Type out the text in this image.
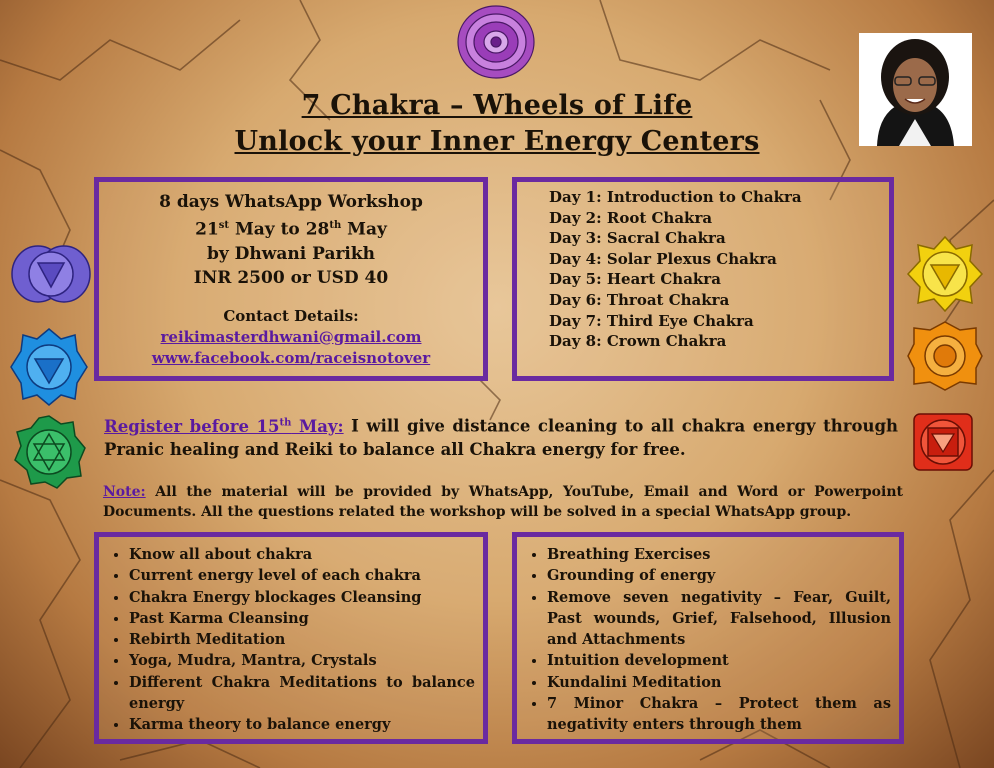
7 Chakra – Wheels of Life
Unlock your Inner Energy Centers
8 days WhatsApp Workshop
21st May to 28th May
by Dhwani Parikh
INR 2500 or USD 40
Contact Details:
reikimasterdhwani@gmail.com
www.facebook.com/raceisnotover
Day 1: Introduction to Chakra
Day 2: Root Chakra
Day 3: Sacral Chakra
Day 4: Solar Plexus Chakra
Day 5: Heart Chakra
Day 6: Throat Chakra
Day 7: Third Eye Chakra
Day 8: Crown Chakra
Register before 15th May: I will give distance cleaning to all chakra energy through Pranic healing and Reiki to balance all Chakra energy for free.
Note: All the material will be provided by WhatsApp, YouTube, Email and Word or Powerpoint Documents. All the questions related the workshop will be solved in a special WhatsApp group.
• Know all about chakra
• Current energy level of each chakra
• Chakra Energy blockages Cleansing
• Past Karma Cleansing
• Rebirth Meditation
• Yoga, Mudra, Mantra, Crystals
• Different Chakra Meditations to balance energy
• Karma theory to balance energy
• Breathing Exercises
• Grounding of energy
• Remove seven negativity – Fear, Guilt, Past wounds, Grief, Falsehood, Illusion and Attachments
• Intuition development
• Kundalini Meditation
• 7 Minor Chakra – Protect them as negativity enters through them
